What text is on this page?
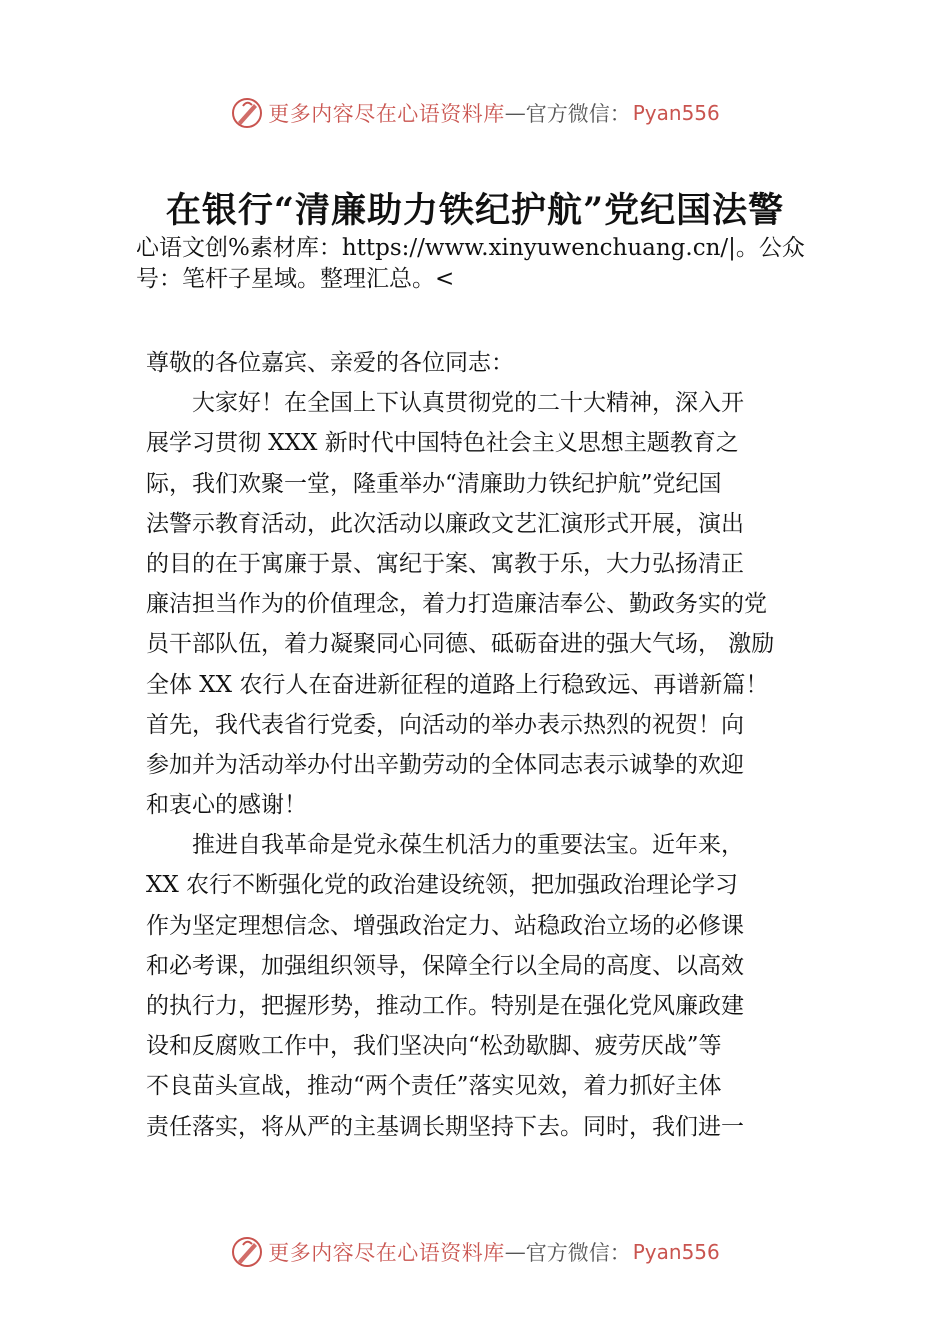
更多内容尽在心语资料库 — 官方微信： Pyan556
在银行“清廉助力铁纪护航”党纪国法警
心语文创%素材库：https://www.xinyuwenchuang.cn/|。公众
号：笔杆子星域。整理汇总。<
尊敬的各位嘉宾、亲爱的各位同志：
　　大家好！在全国上下认真贯彻党的二十大精神，深入开
展学习贯彻 XXX 新时代中国特色社会主义思想主题教育之
际，我们欢聚一堂，隆重举办“清廉助力铁纪护航”党纪国
法警示教育活动，此次活动以廉政文艺汇演形式开展，演出
的目的在于寓廉于景、寓纪于案、寓教于乐，大力弘扬清正
廉洁担当作为的价值理念，着力打造廉洁奉公、勤政务实的党
员干部队伍，着力凝聚同心同德、砥砺奋进的强大气场， 激励
全体 XX 农行人在奋进新征程的道路上行稳致远、再谱新篇！
首先，我代表省行党委，向活动的举办表示热烈的祝贺！向
参加并为活动举办付出辛勤劳动的全体同志表示诚挚的欢迎
和衷心的感谢！
　　推进自我革命是党永葆生机活力的重要法宝。近年来，
XX 农行不断强化党的政治建设统领，把加强政治理论学习
作为坚定理想信念、增强政治定力、站稳政治立场的必修课
和必考课，加强组织领导，保障全行以全局的高度、以高效
的执行力，把握形势，推动工作。特别是在强化党风廉政建
设和反腐败工作中，我们坚决向“松劲歇脚、疲劳厌战”等
不良苗头宣战，推动“两个责任”落实见效，着力抓好主体
责任落实，将从严的主基调长期坚持下去。同时，我们进一
更多内容尽在心语资料库 — 官方微信： Pyan556
